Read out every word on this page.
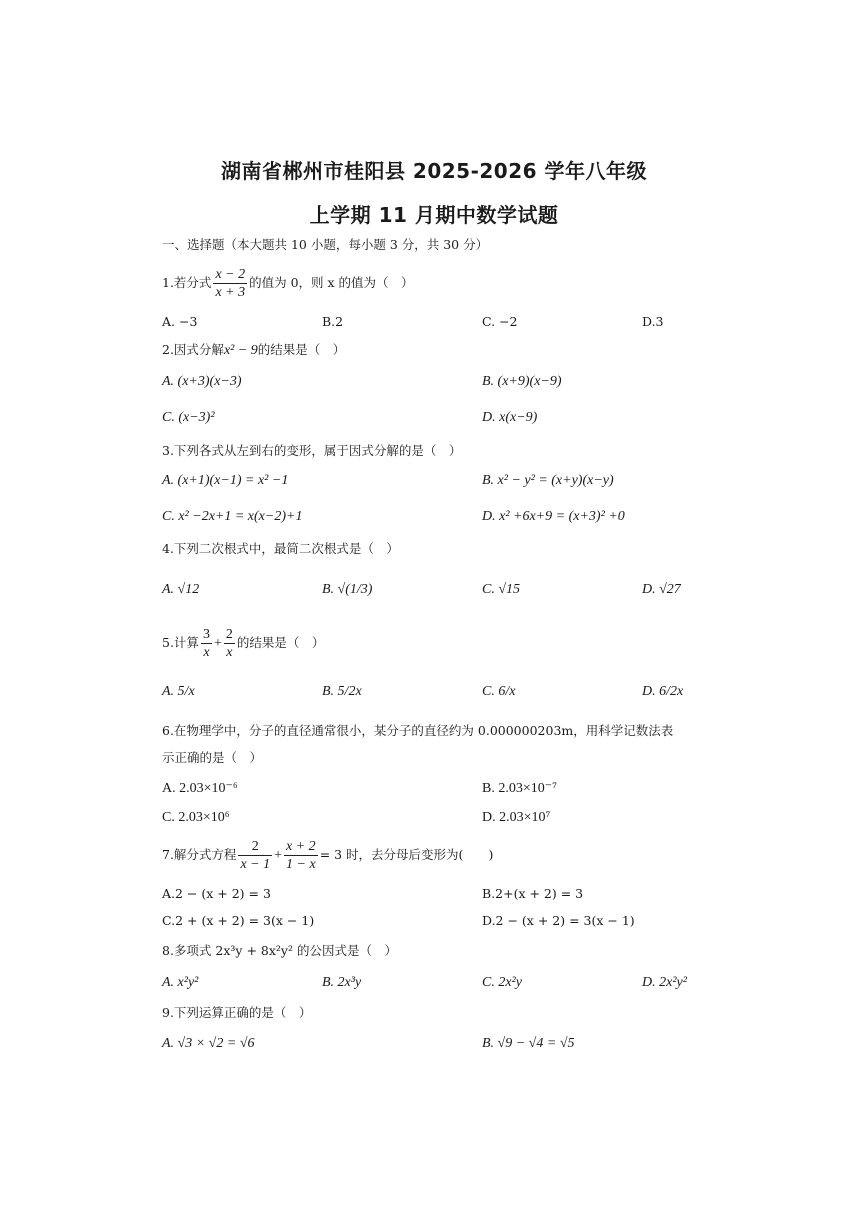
湖南省郴州市桂阳县 2025-2026 学年八年级
上学期 11 月期中数学试题
一、选择题（本大题共 10 小题，每小题 3 分，共 30 分）
1.若分式 $\frac{x - 2}{x + 3}$ 的值为 0，则 x 的值为（　）
A. −3	B.2	C. −2	D.3
2.因式分解x² − 9的结果是（　）
A. (x+3)(x−3)	B. (x+9)(x−9)
C. (x−3)²	D. x(x−9)
3.下列各式从左到右的变形，属于因式分解的是（　）
A. (x+1)(x−1) = x² −1	B. x² − y² = (x+y)(x−y)
C. x² −2x+1 = x(x−2)+1	D. x² +6x+9 = (x+3)² +0
4.下列二次根式中，最简二次根式是（　）
A. √12	B. √(1/3)	C. √15	D. √27
5.计算 $\frac{3}{x} + \frac{2}{x}$ 的结果是（　）
A. 5/x	B. 5/2x	C. 6/x	D. 6/2x
6.在物理学中，分子的直径通常很小，某分子的直径约为 0.000000203m，用科学记数法表
示正确的是（　）
A. 2.03×10⁻⁶	B. 2.03×10⁻⁷
C. 2.03×10⁶	D. 2.03×10⁷
7.解分式方程 $\frac{2}{x - 1} + \frac{x + 2}{1 - x} = 3$ 时，去分母后变形为(　　)
A.2 − (x + 2) = 3	B.2+(x + 2) = 3
C.2 + (x + 2) = 3(x − 1)	D.2 − (x + 2) = 3(x − 1)
8.多项式 2x³y + 8x²y² 的公因式是（　）
A. x²y²	B. 2x³y	C. 2x²y	D. 2x²y²
9.下列运算正确的是（　）
A. √3 × √2 = √6	B. √9 − √4 = √5
